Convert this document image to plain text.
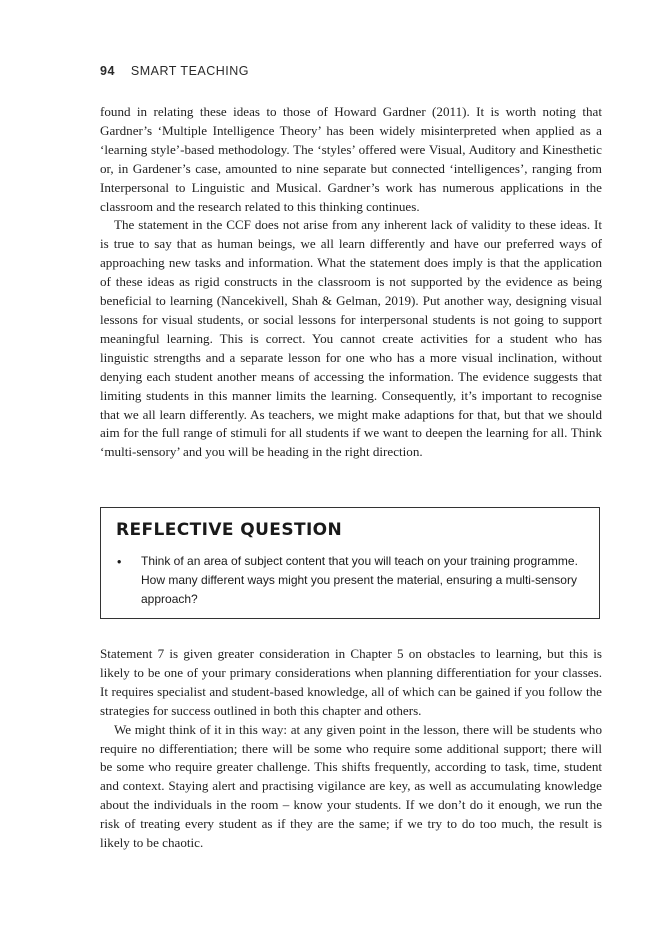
94 SMART TEACHING

found in relating these ideas to those of Howard Gardner (2011). It is worth noting that Gardner’s ‘Multiple Intelligence Theory’ has been widely misinterpreted when applied as a ‘learning style’-based methodology. The ‘styles’ offered were Visual, Auditory and Kinesthetic or, in Gardener’s case, amounted to nine separate but connected ‘intelligences’, ranging from Interpersonal to Linguistic and Musical. Gardner’s work has numerous applications in the classroom and the research related to this thinking continues.

The statement in the CCF does not arise from any inherent lack of validity to these ideas. It is true to say that as human beings, we all learn differently and have our preferred ways of approaching new tasks and information. What the statement does imply is that the application of these ideas as rigid constructs in the classroom is not supported by the evidence as being beneficial to learning (Nancekivell, Shah & Gelman, 2019). Put another way, designing visual lessons for visual students, or social lessons for interpersonal students is not going to support meaningful learning. This is correct. You cannot create activities for a student who has linguistic strengths and a separate lesson for one who has a more visual inclination, without denying each student another means of accessing the information. The evidence suggests that limiting students in this manner limits the learning. Consequently, it’s important to recognise that we all learn differently. As teachers, we might make adaptions for that, but that we should aim for the full range of stimuli for all students if we want to deepen the learning for all. Think ‘multi-sensory’ and you will be heading in the right direction.

REFLECTIVE QUESTION
• Think of an area of subject content that you will teach on your training programme. How many different ways might you present the material, ensuring a multi-sensory approach?

Statement 7 is given greater consideration in Chapter 5 on obstacles to learning, but this is likely to be one of your primary considerations when planning differentiation for your classes. It requires specialist and student-based knowledge, all of which can be gained if you follow the strategies for success outlined in both this chapter and others.

We might think of it in this way: at any given point in the lesson, there will be students who require no differentiation; there will be some who require some additional support; there will be some who require greater challenge. This shifts frequently, according to task, time, student and context. Staying alert and practising vigilance are key, as well as accumulating knowledge about the individuals in the room – know your students. If we don’t do it enough, we run the risk of treating every student as if they are the same; if we try to do too much, the result is likely to be chaotic.
